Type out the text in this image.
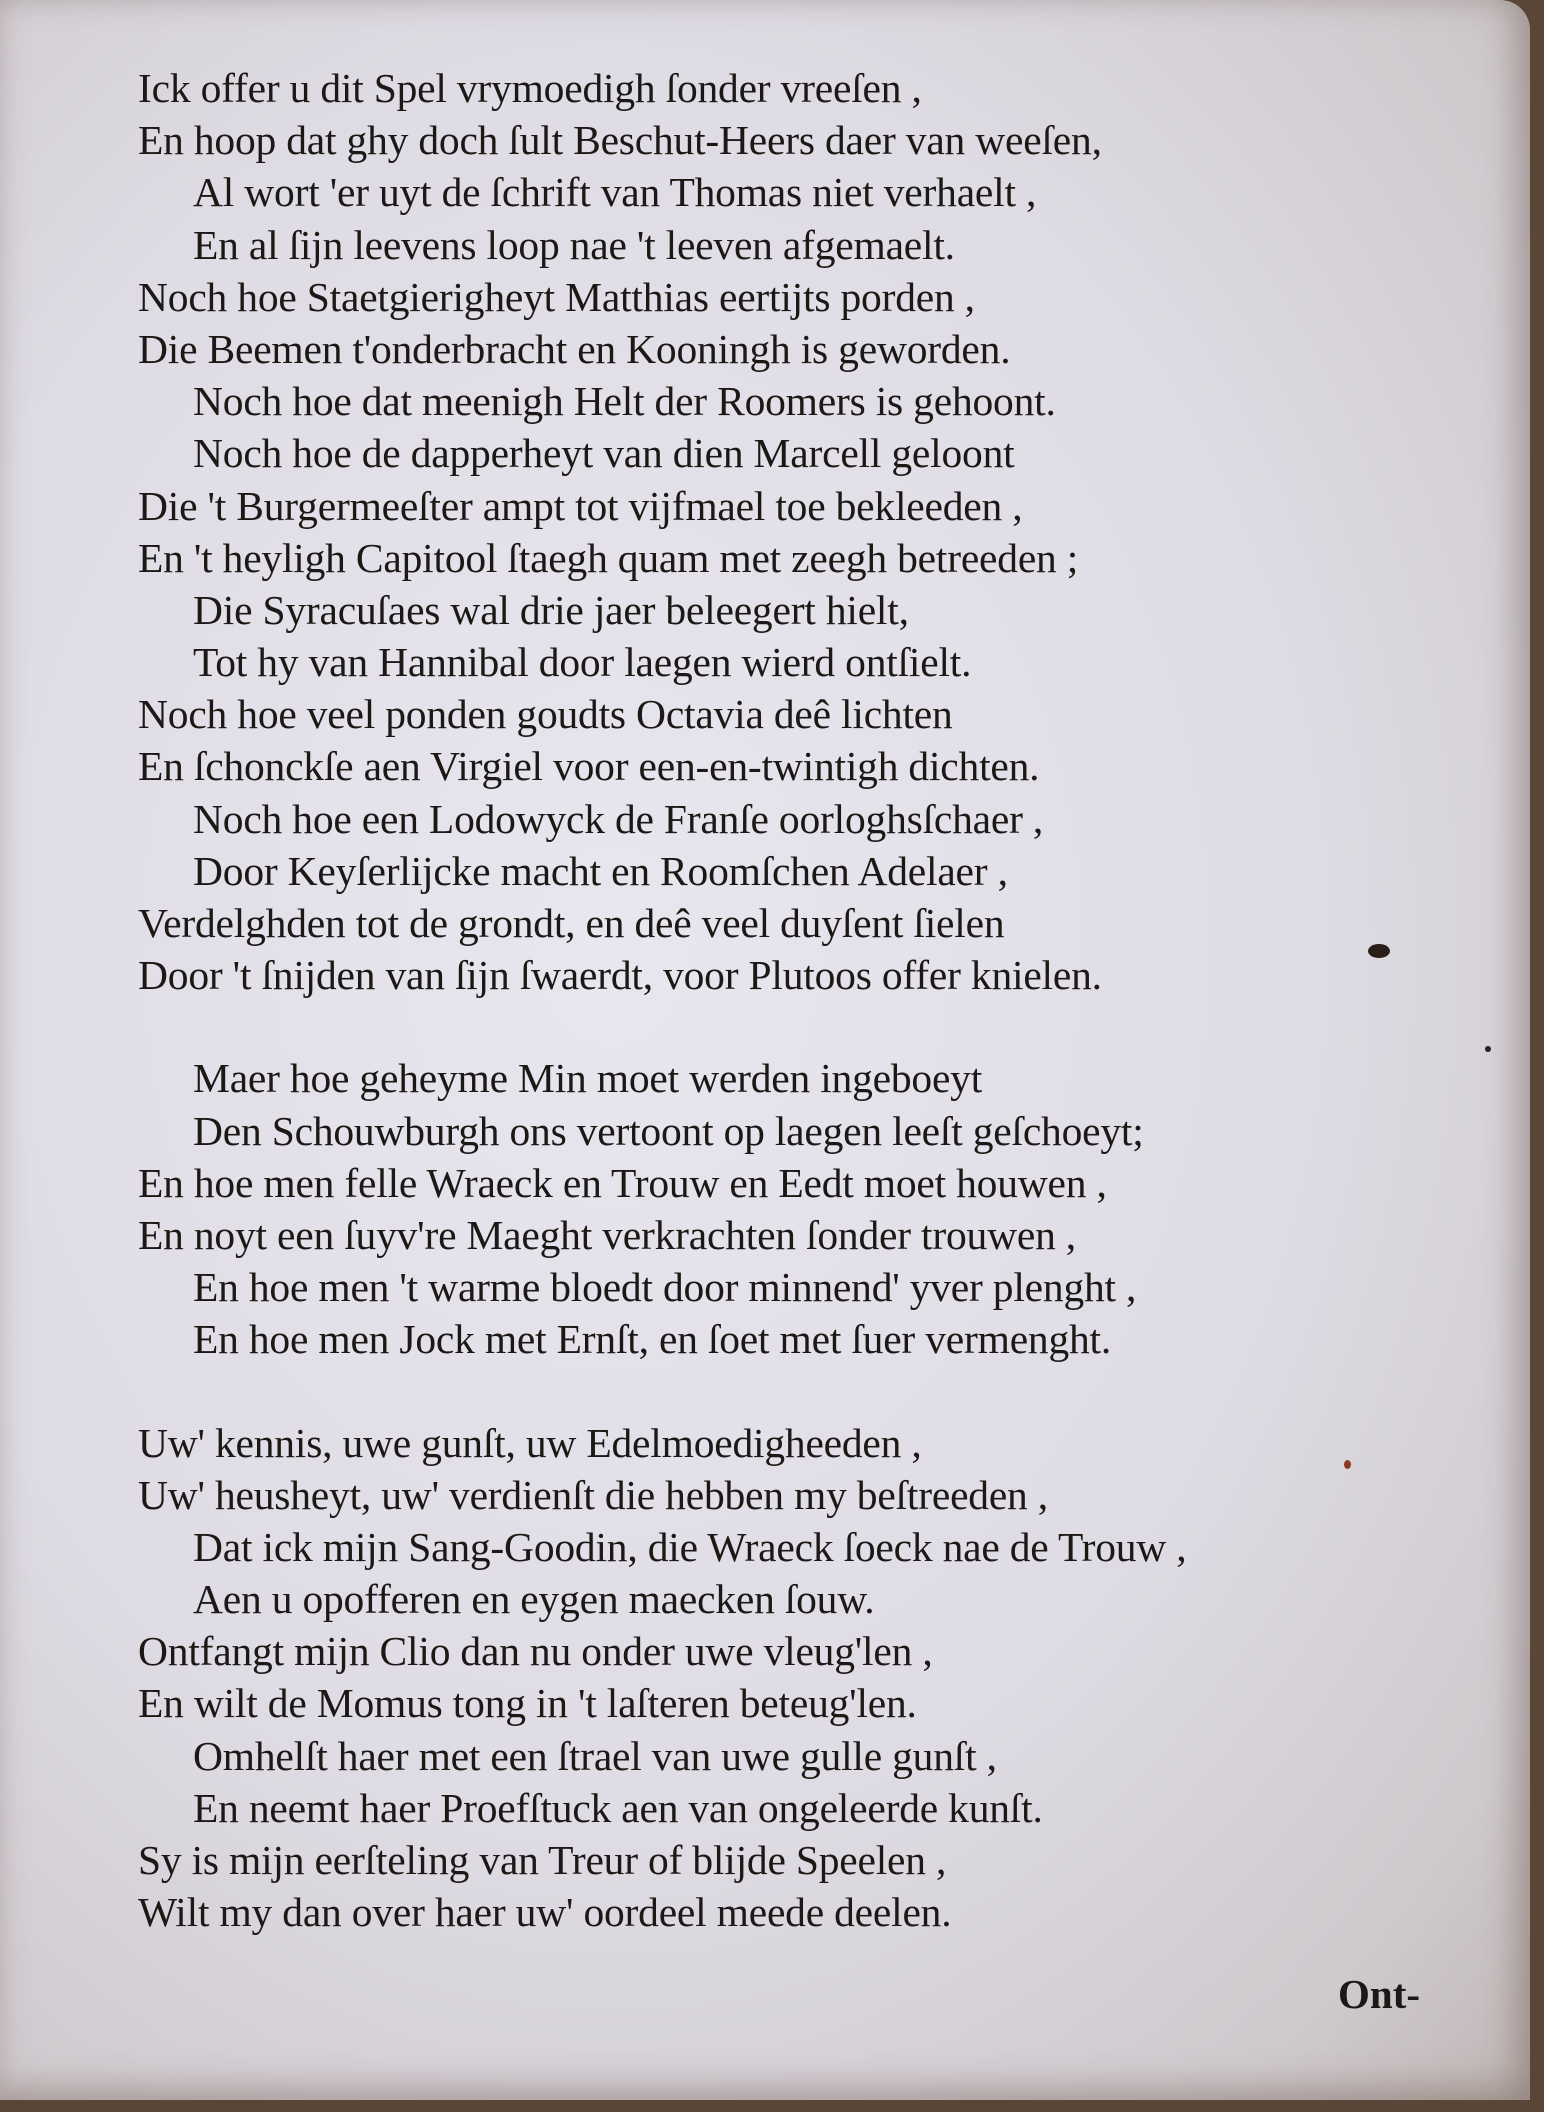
Ick offer u dit Spel vrymoedigh ſonder vreeſen ,
En hoop dat ghy doch ſult Beschut-Heers daer van weeſen,
Al wort 'er uyt de ſchrift van Thomas niet verhaelt ,
En al ſijn leevens loop nae 't leeven afgemaelt.
Noch hoe Staetgierigheyt Matthias eertijts porden ,
Die Beemen t'onderbracht en Kooningh is geworden.
Noch hoe dat meenigh Helt der Roomers is gehoont.
Noch hoe de dapperheyt van dien Marcell geloont
Die 't Burgermeeſter ampt tot vijfmael toe bekleeden ,
En 't heyligh Capitool ſtaegh quam met zeegh betreeden ;
Die Syracuſaes wal drie jaer beleegert hielt,
Tot hy van Hannibal door laegen wierd ontſielt.
Noch hoe veel ponden goudts Octavia deê lichten
En ſchonckſe aen Virgiel voor een-en-twintigh dichten.
Noch hoe een Lodowyck de Franſe oorloghsſchaer ,
Door Keyſerlijcke macht en Roomſchen Adelaer ,
Verdelghden tot de grondt, en deê veel duyſent ſielen
Door 't ſnijden van ſijn ſwaerdt, voor Plutoos offer knielen.
Maer hoe geheyme Min moet werden ingeboeyt
Den Schouwburgh ons vertoont op laegen leeſt geſchoeyt;
En hoe men felle Wraeck en Trouw en Eedt moet houwen ,
En noyt een ſuyv're Maeght verkrachten ſonder trouwen ,
En hoe men 't warme bloedt door minnend' yver plenght ,
En hoe men Jock met Ernſt, en ſoet met ſuer vermenght.
Uw' kennis, uwe gunſt, uw Edelmoedigheeden ,
Uw' heusheyt, uw' verdienſt die hebben my beſtreeden ,
Dat ick mijn Sang-Goodin, die Wraeck ſoeck nae de Trouw ,
Aen u opofferen en eygen maecken ſouw.
Ontfangt mijn Clio dan nu onder uwe vleug'len ,
En wilt de Momus tong in 't laſteren beteug'len.
Omhelſt haer met een ſtrael van uwe gulle gunſt ,
En neemt haer Proefſtuck aen van ongeleerde kunſt.
Sy is mijn eerſteling van Treur of blijde Speelen ,
Wilt my dan over haer uw' oordeel meede deelen.
Ont-
